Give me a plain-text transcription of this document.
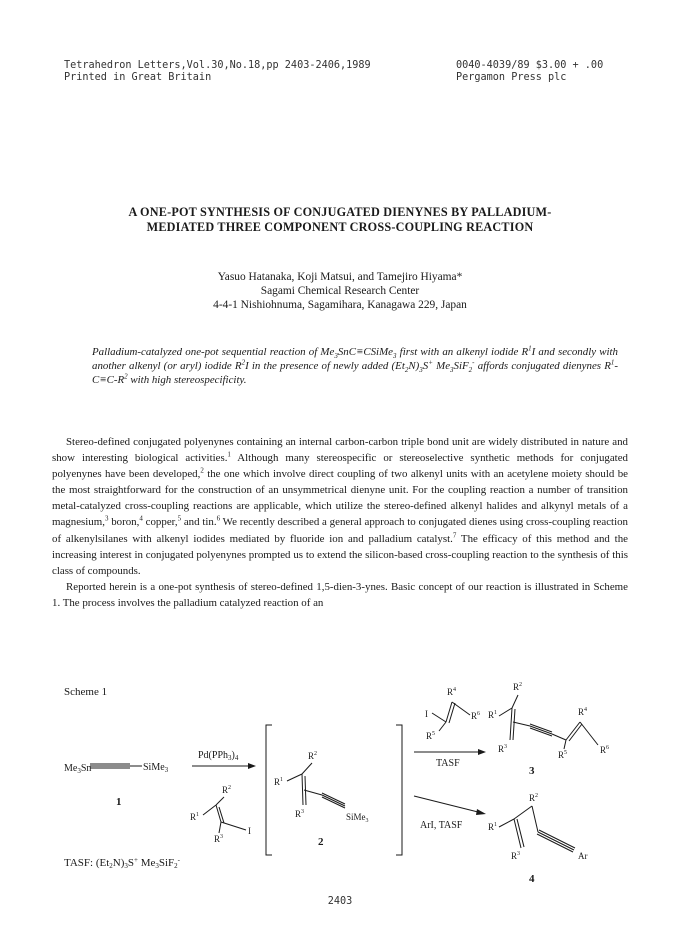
Tetrahedron Letters,Vol.30,No.18,pp 2403-2406,1989
Printed in Great Britain
0040-4039/89 $3.00 + .00
Pergamon Press plc
A ONE-POT SYNTHESIS OF CONJUGATED DIENYNES BY PALLADIUM-
MEDIATED THREE COMPONENT CROSS-COUPLING REACTION
Yasuo Hatanaka, Koji Matsui, and Tamejiro Hiyama*
Sagami Chemical Research Center
4-4-1 Nishiohnuma, Sagamihara, Kanagawa 229, Japan
Palladium-catalyzed one-pot sequential reaction of $Me_3SnC\equiv CSiMe_3$ first with an alkenyl iodide $R^1I$ and secondly with another alkenyl (or aryl) iodide $R^2I$ in the presence of newly added $(Et_2N)_3S^+$ $Me_3SiF_2^-$ affords conjugated dienynes $R^1-C\equiv C-R^2$ with high stereospecificity.

Stereo-defined conjugated polyenynes containing an internal carbon-carbon triple bond unit are widely distributed in nature and show interesting biological activities.$^1$ Although many stereospecific or stereoselective synthetic methods for conjugated polyenynes have been developed,$^2$ the one which involve direct coupling of two alkenyl units with an acetylene moiety should be the most straightforward for the construction of an unsymmetrical dienyne unit. For the coupling reaction a number of transition metal-catalyzed cross-coupling reactions are applicable, which utilize the stereo-defined alkenyl halides and alkynyl metals of a magnesium,$^3$ boron,$^4$ copper,$^5$ and tin.$^6$ We recently described a general approach to conjugated dienes using cross-coupling reaction of alkenylsilanes with alkenyl iodides mediated by fluoride ion and palladium catalyst.$^7$ The efficacy of this method and the increasing interest in conjugated polyenynes prompted us to extend the silicon-based cross-coupling reaction to the synthesis of this class of compounds.

Reported herein is a one-pot synthesis of stereo-defined 1,5-dien-3-ynes. Basic concept of our reaction is illustrated in Scheme 1. The process involves the palladium catalyzed reaction of an

Scheme 1
$Me_3Sn$	SiMe$_3$
1
$Pd(PPh_3)_4$
$R^1$
$R^2$
$R^3$
I
$R^1$
$R^2$
$R^3$	SiMe$_3$
2
I
$R^4$
$R^6$
$R^5$
TASF
$R^1$
$R^2$
$R^3$
$R^4$
$R^6$
$R^5$
3
ArI, TASF	$R^1$
$R^2$
$R^3$	Ar
4
TASF: (Et2N)3S+ Me3SiF2-
2403
